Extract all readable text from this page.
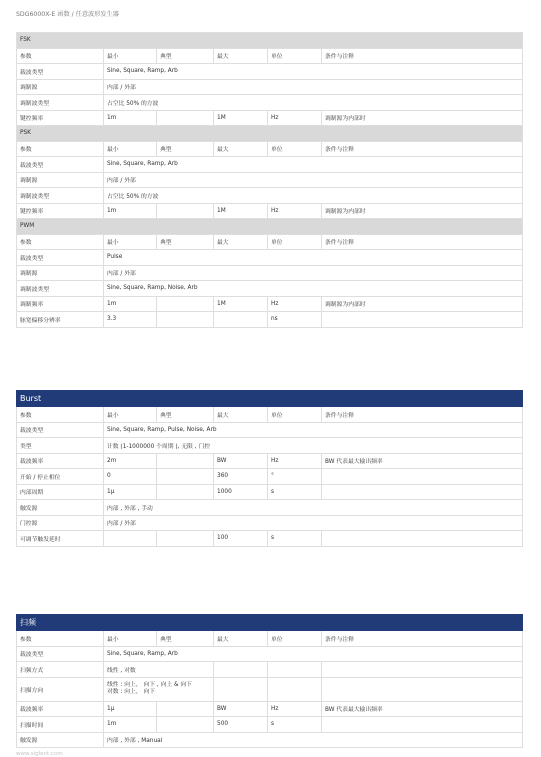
SDG6000X-E 函数 / 任意波形发生器
FSK					
参数	最小	典型	最大	单位	条件与注释
载波类型	Sine, Square, Ramp, Arb				
调制源	内部 / 外部				
调制波类型	占空比 50% 的方波				
键控频率	1m		1M	Hz	调制源为内部时
PSK					
参数	最小	典型	最大	单位	条件与注释
载波类型	Sine, Square, Ramp, Arb				
调制源	内部 / 外部				
调制波类型	占空比 50% 的方波				
键控频率	1m		1M	Hz	调制源为内部时
PWM					
参数	最小	典型	最大	单位	条件与注释
载波类型	Pulse				
调制源	内部 / 外部				
调制波类型	Sine, Square, Ramp, Noise, Arb				
调制频率	1m		1M	Hz	调制源为内部时
脉宽偏移分辨率	3.3			ns	
Burst					
参数	最小	典型	最大	单位	条件与注释
载波类型	Sine, Square, Ramp, Pulse, Noise, Arb				
类型	计数 (1-1000000 个周期 ), 无限 , 门控				
载波频率	2m		BW	Hz	BW 代表最大输出频率
开始 / 停止相位	0		360	°	
内部周期	1μ		1000	s	
触发源	内部 , 外部 , 手动				
门控源	内部 / 外部				
可调节触发延时			100	s	
扫频					
参数	最小	典型	最大	单位	条件与注释
载波类型	Sine, Square, Ramp, Arb				
扫频方式	线性 , 对数				
扫描方向	线性 : 向上， 向下 , 向上 & 向下
对数 : 向上， 向下				

载波频率	1μ		BW	Hz	BW 代表最大输出频率
扫描时间	1m		500	s	
触发源	内部 , 外部 , Manual				
www.siglent.com
